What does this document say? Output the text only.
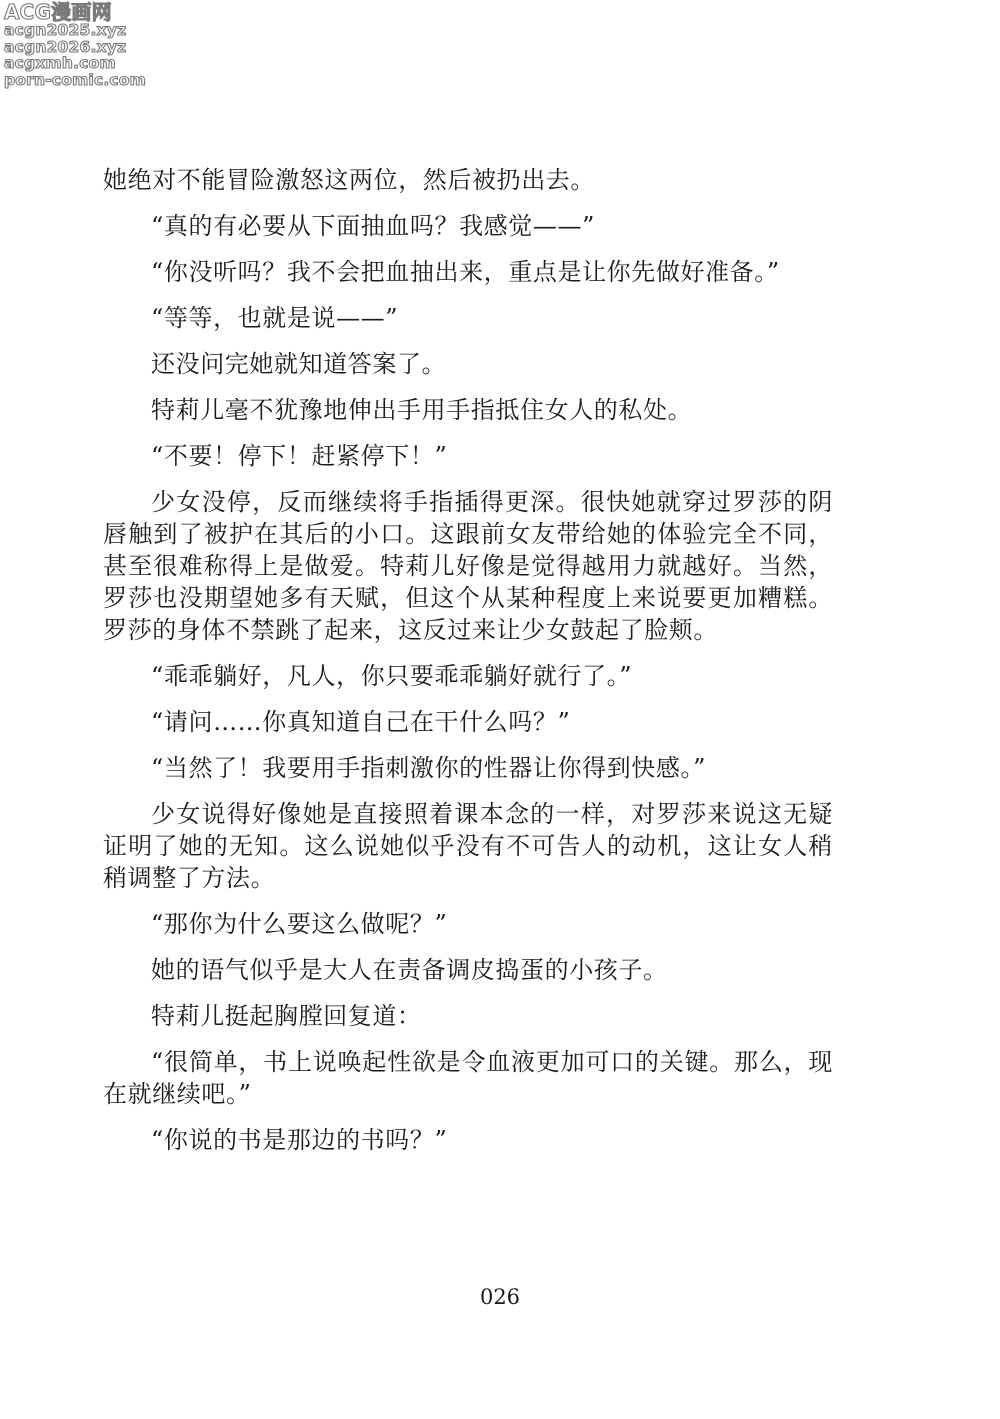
ACG漫画网
acgn2025.xyz
acgn2026.xyz
acgxmh.com
porn-comic.com

她绝对不能冒险激怒这两位，然后被扔出去。

“真的有必要从下面抽血吗？我感觉——”

“你没听吗？我不会把血抽出来，重点是让你先做好准备。”

“等等，也就是说——”

还没问完她就知道答案了。

特莉儿毫不犹豫地伸出手用手指抵住女人的私处。

“不要！停下！赶紧停下！”

少女没停，反而继续将手指插得更深。很快她就穿过罗莎的阴唇触到了被护在其后的小口。这跟前女友带给她的体验完全不同，甚至很难称得上是做爱。特莉儿好像是觉得越用力就越好。当然，罗莎也没期望她多有天赋，但这个从某种程度上来说要更加糟糕。罗莎的身体不禁跳了起来，这反过来让少女鼓起了脸颊。

“乖乖躺好，凡人，你只要乖乖躺好就行了。”

“请问……你真知道自己在干什么吗？”

“当然了！我要用手指刺激你的性器让你得到快感。”

少女说得好像她是直接照着课本念的一样，对罗莎来说这无疑证明了她的无知。这么说她似乎没有不可告人的动机，这让女人稍稍调整了方法。

“那你为什么要这么做呢？”

她的语气似乎是大人在责备调皮捣蛋的小孩子。

特莉儿挺起胸膛回复道：

“很简单，书上说唤起性欲是令血液更加可口的关键。那么，现在就继续吧。”

“你说的书是那边的书吗？”

026
